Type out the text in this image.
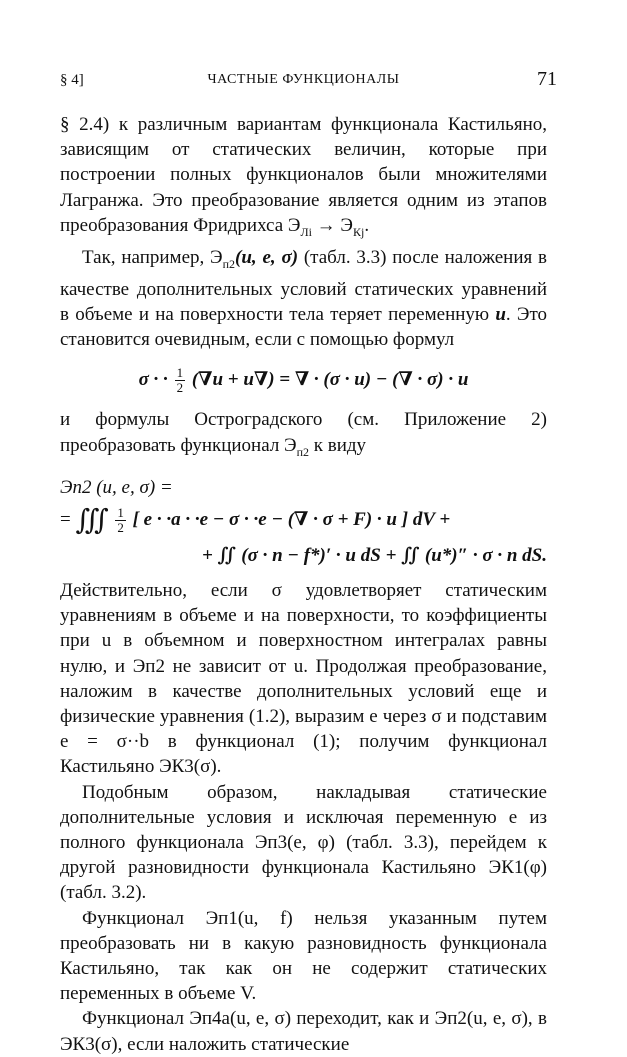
§ 4]	ЧАСТНЫЕ ФУНКЦИОНАЛЫ	71

§ 2.4) к различным вариантам функционала Кастильяно, зависящим от статических величин, которые при построении полных функционалов были множителями Лагранжа. Это преобразование является одним из этапов преобразования Фридрихса $Э_{Лi} \to Э_{Кj}$.

Так, например, $Э_{п2}(u$, e, σ) (табл. 3.3) после наложения в качестве дополнительных условий статических уравнений в объеме и на поверхности тела теряет переменную u. Это становится очевидным, если с помощью формул

σ · · $\frac{1}{2} (\nabla u + u\nabla)$ = ∇ · (σ · u) − (∇ · σ) · u

и формулы Остроградского (см. Приложение 2) преобразовать функционал $Э_{п2}$ к виду

Эп2 (u, e, σ) =
= ∭ $\frac{1}{2}$ [ e · ·a · ·e − σ · ·e − (∇ · σ + F) · u ] dV +
+ ∬ (σ · n − f*)′ · u dS + ∬ (u*)″ · σ · n dS.

Действительно, если σ удовлетворяет статическим уравнениям в объеме и на поверхности, то коэффициенты при u в объемном и поверхностном интегралах равны нулю, и Эп2 не зависит от u. Продолжая преобразование, наложим в качестве дополнительных условий еще и физические уравнения (1.2), выразим e через σ и подставим e = σ··b в функционал (1); получим функционал Кастильяно ЭК3(σ).

Подобным образом, накладывая статические дополнительные условия и исключая переменную e из полного функционала Эп3(e, φ) (табл. 3.3), перейдем к другой разновидности функционала Кастильяно ЭК1(φ) (табл. 3.2).

Функционал Эп1(u, f) нельзя указанным путем преобразовать ни в какую разновидность функционала Кастильяно, так как он не содержит статических переменных в объеме V.

Функционал Эп4а(u, e, σ) переходит, как и Эп2(u, e, σ), в ЭК3(σ), если наложить статические
